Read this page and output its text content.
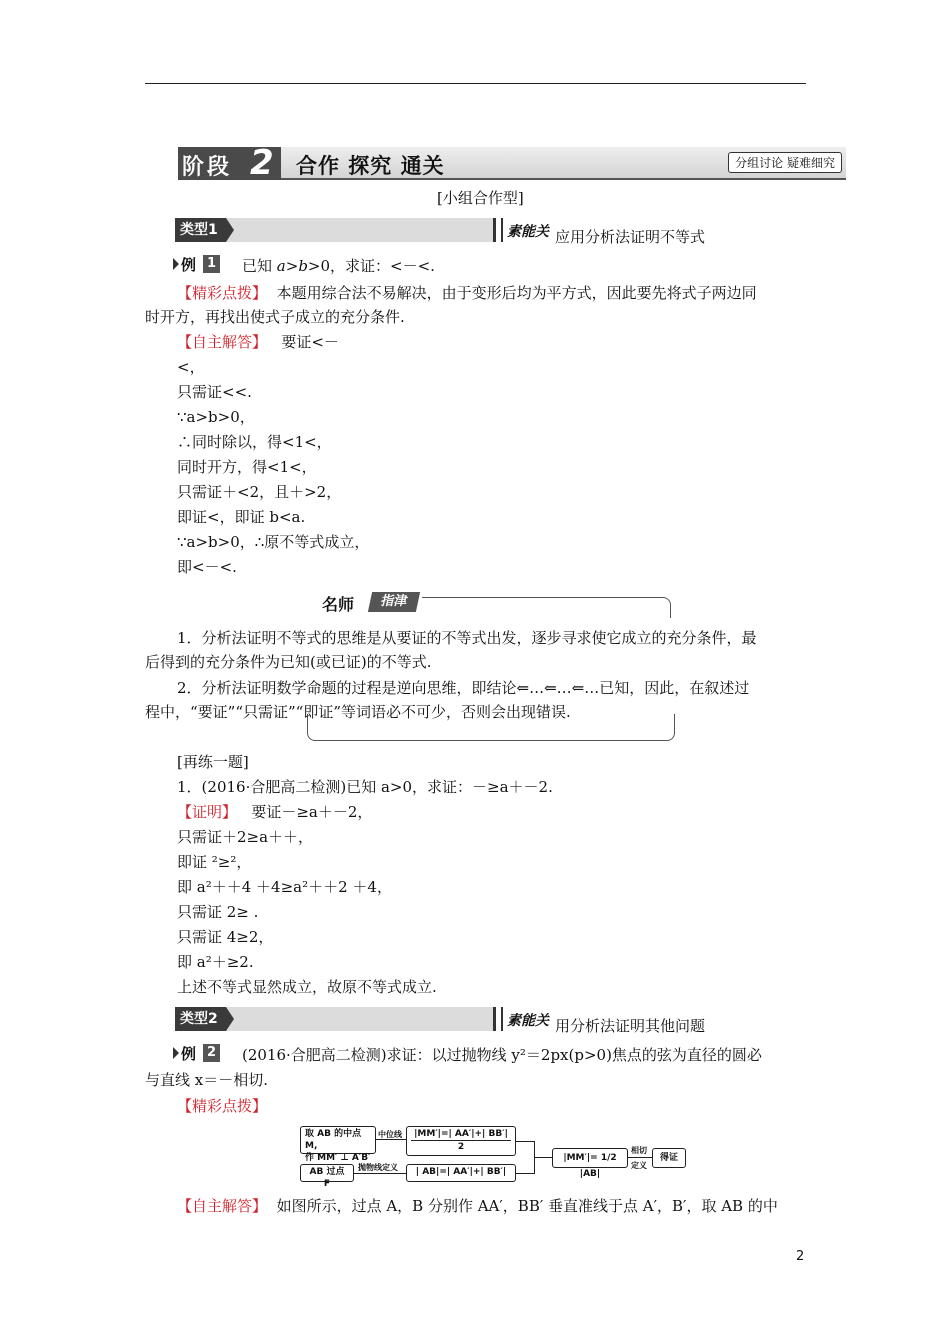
阶段 2 合作 探究 通关	分组讨论 疑难细究
[小组合作型]
类型1	素能关 应用分析法证明不等式
例 1 已知 a>b>0，求证：<－<.
【精彩点拨】 本题用综合法不易解决，由于变形后均为平方式，因此要先将式子两边同
时开方，再找出使式子成立的充分条件.
【自主解答】 要证<－
<，
只需证<<.
∵a>b>0，
∴同时除以，得<1<，
同时开方，得<1<，
只需证＋<2，且＋>2，
即证<，即证 b<a.
∵a>b>0，∴原不等式成立，
即<－<.
名师	指津
1．分析法证明不等式的思维是从要证的不等式出发，逐步寻求使它成立的充分条件，最
后得到的充分条件为已知(或已证)的不等式.
2．分析法证明数学命题的过程是逆向思维，即结论⇐…⇐…⇐…已知，因此，在叙述过
程中，“要证”“只需证”“即证”等词语必不可少，否则会出现错误.
[再练一题]
1．(2016·合肥高二检测)已知 a>0，求证：－≥a＋－2.
【证明】 要证－≥a＋－2，
只需证＋2≥a＋＋，
即证 ²≥²，
即 a²＋＋4 ＋4≥a²＋＋2 ＋4，
只需证 2≥ .
只需证 4≥2，
即 a²＋≥2.
上述不等式显然成立，故原不等式成立.
类型2	素能关 用分析法证明其他问题
例 2 (2016·合肥高二检测)求证：以过抛物线 y²＝2px(p>0)焦点的弦为直径的圆必
与直线 x＝－相切.
【精彩点拨】
取 AB 的中点 M,
作 MM′ ⊥ A′B′
中位线	|MM′|=| AA′|+| BB′|
2
AB 过点 F
抛物线定义	| AB|=| AA′|+| BB′|
|MM′|= 1/2 |AB|
相切
定义
得证
【自主解答】 如图所示，过点 A，B 分别作 AA′，BB′ 垂直准线于点 A′，B′，取 AB 的中
2
